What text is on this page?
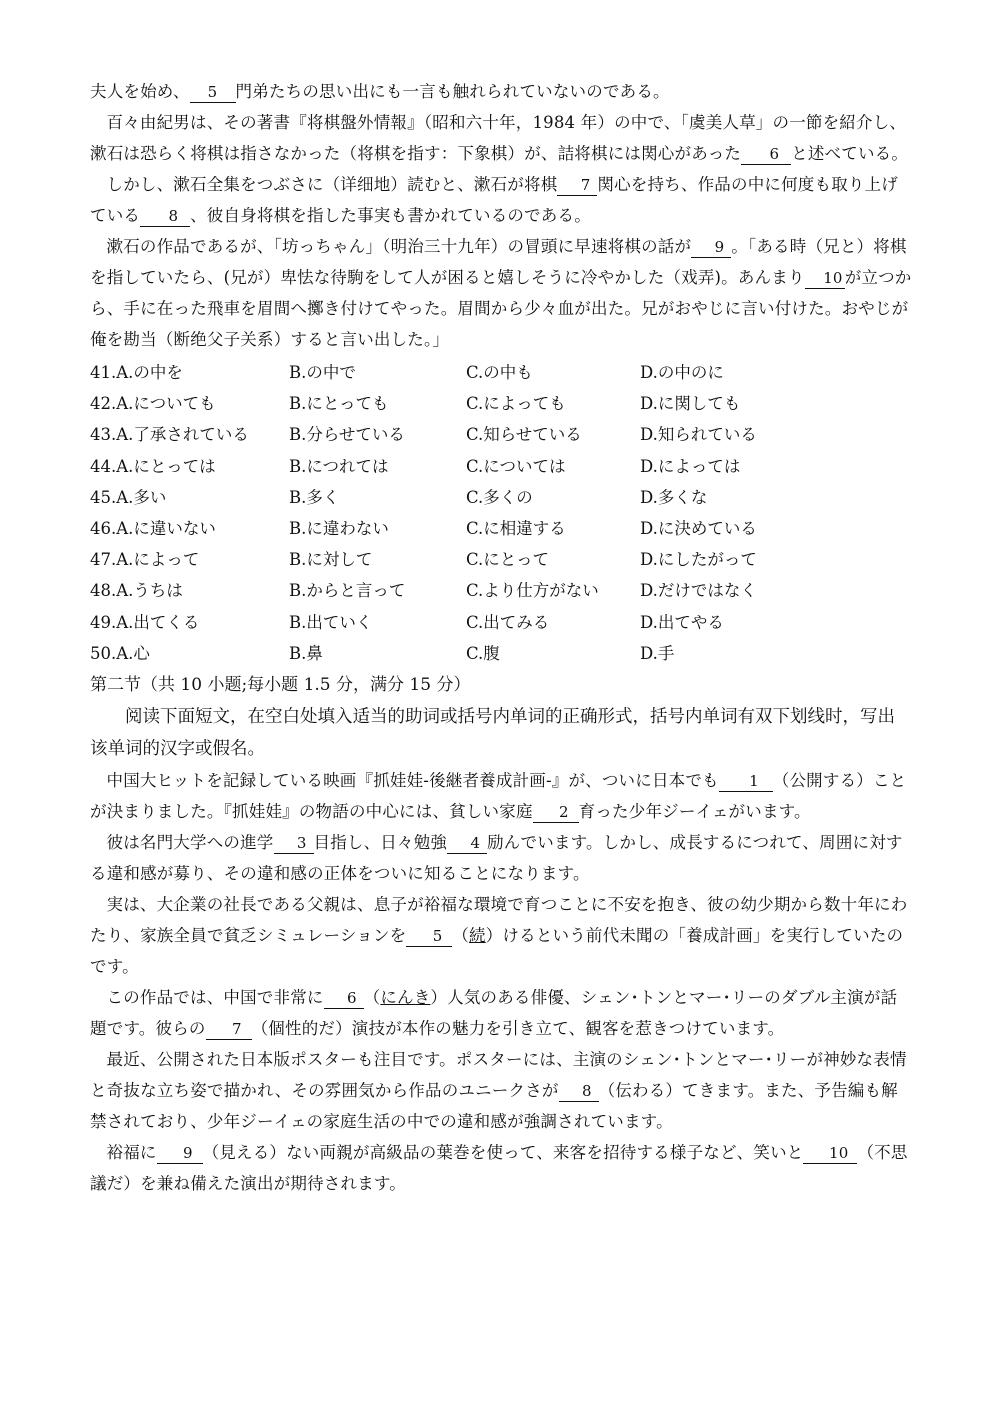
夫人を始め、 5 門弟たちの思い出にも一言も触れられていないのである。

百々由紀男は、その著書『将棋盤外情報』（昭和六十年，1984 年）の中で、「虞美人草」の一節を紹介し、漱石は恐らく将棋は指さなかった（将棋を指す：下象棋）が、詰将棋には関心があった 6 と述べている。

しかし、漱石全集をつぶさに（详细地）読むと、漱石が将棋 7 関心を持ち、作品の中に何度も取り上げている 8 、彼自身将棋を指した事実も書かれているのである。

漱石の作品であるが、「坊っちゃん」（明治三十九年）の冒頭に早速将棋の話が 9 。「ある時（兄と）将棋を指していたら、(兄が）卑怯な待駒をして人が困ると嬉しそうに冷やかした（戏弄)。あんまり 10 が立つから、手に在った飛車を眉間へ擲き付けてやった。眉間から少々血が出た。兄がおやじに言い付けた。おやじが俺を勘当（断绝父子关系）すると言い出した。」

41.A.の中を	B.の中で	C.の中も	D.の中のに
42.A.についても	B.にとっても	C.によっても	D.に関しても
43.A.了承されている	B.分らせている	C.知らせている	D.知られている
44.A.にとっては	B.につれては	C.については	D.によっては
45.A.多い	B.多く	C.多くの	D.多くな
46.A.に違いない	B.に違わない	C.に相違する	D.に決めている
47.A.によって	B.に対して	C.にとって	D.にしたがって
48.A.うちは	B.からと言って	C.より仕方がない	D.だけではなく
49.A.出てくる	B.出ていく	C.出てみる	D.出てやる
50.A.心	B.鼻	C.腹	D.手

第二节（共 10 小题;每小题 1.5 分，满分 15 分）

阅读下面短文，在空白处填入适当的助词或括号内单词的正确形式，括号内单词有双下划线时，写出该单词的汉字或假名。

中国大ヒットを記録している映画『抓娃娃-後継者養成計画-』が、ついに日本でも 1 （公開する）ことが決まりました。『抓娃娃』の物語の中心には、貧しい家庭 2 育った少年ジーイェがいます。

彼は名門大学への進学 3 目指し、日々勉強 4 励んでいます。しかし、成長するにつれて、周囲に対する違和感が募り、その違和感の正体をついに知ることになります。

実は、大企業の社長である父親は、息子が裕福な環境で育つことに不安を抱き、彼の幼少期から数十年にわたり、家族全員で貧乏シミュレーションを 5 （続）けるという前代未聞の「養成計画」を実行していたのです。

この作品では、中国で非常に 6 （にんき）人気のある俳優、シェン･トンとマー･リーのダブル主演が話題です。彼らの 7 （個性的だ）演技が本作の魅力を引き立て、観客を惹きつけています。

最近、公開された日本版ポスターも注目です。ポスターには、主演のシェン･トンとマー･リーが神妙な表情と奇抜な立ち姿で描かれ、その雰囲気から作品のユニークさが 8 （伝わる）てきます。また、予告編も解禁されており、少年ジーイェの家庭生活の中での違和感が強調されています。

裕福に 9 （見える）ない両親が高級品の葉巻を使って、来客を招待する様子など、笑いと 10 （不思議だ）を兼ね備えた演出が期待されます。
